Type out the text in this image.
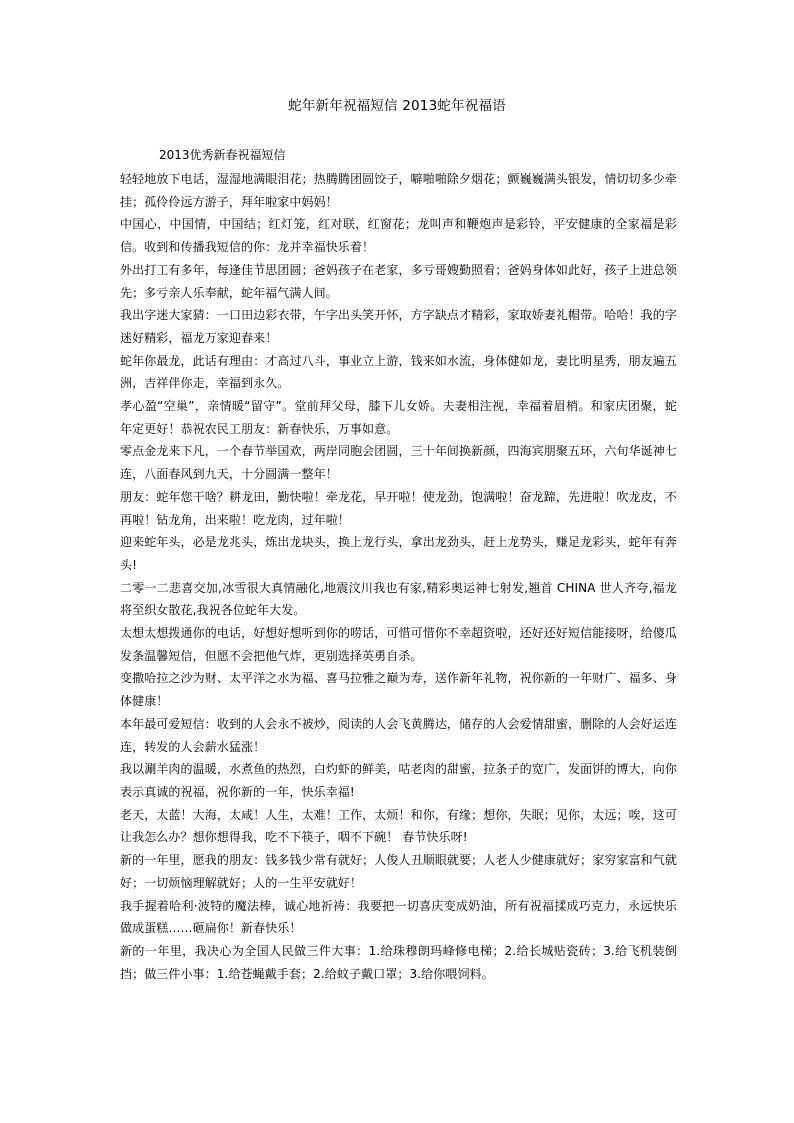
蛇年新年祝福短信 2013蛇年祝福语
2013优秀新春祝福短信

轻轻地放下电话，湿湿地满眼泪花；热腾腾团圆饺子，噼啪啪除夕烟花；颤巍巍满头银发，情切切多少牵挂；孤伶伶远方游子，拜年啦家中妈妈！

中国心，中国情，中国结；红灯笼，红对联，红窗花；龙叫声和鞭炮声是彩铃，平安健康的全家福是彩信。收到和传播我短信的你：龙并幸福快乐着！

外出打工有多年，每逢佳节思团圆；爸妈孩子在老家，多亏哥嫂勤照看；爸妈身体如此好，孩子上进总领先；多亏亲人乐奉献，蛇年福气满人间。

我出字迷大家猜：一口田边彩衣带，午字出头笑开怀，方字缺点才精彩，家取娇妻礼帽带。哈哈！我的字迷好精彩，福龙万家迎春来！

蛇年你最龙，此话有理由：才高过八斗，事业立上游，钱来如水流，身体健如龙，妻比明星秀，朋友遍五洲，吉祥伴你走，幸福到永久。

孝心盈“空巢”，亲情暖“留守”。堂前拜父母，膝下儿女娇。夫妻相注视，幸福着眉梢。和家庆团聚，蛇年定更好！恭祝农民工朋友：新春快乐，万事如意。

零点金龙来下凡，一个春节举国欢，两岸同胞会团圆，三十年间换新颜，四海宾朋聚五环，六旬华诞神七连，八面春风到九天，十分圆满一整年！

朋友：蛇年您干啥？耕龙田，勤快啦！牵龙花，早开啦！使龙劲，饱满啦！奋龙蹄，先进啦！吹龙皮，不再啦！钻龙角，出来啦！吃龙肉，过年啦！

迎来蛇年头，必是龙兆头，炼出龙块头，换上龙行头，拿出龙劲头，赶上龙势头，赚足龙彩头，蛇年有奔头!

二零一二悲喜交加,冰雪很大真情融化,地震汶川我也有家,精彩奥运神七射发,翘首 CHINA 世人齐夸,福龙将至织女散花,我祝各位蛇年大发。

太想太想拨通你的电话，好想好想听到你的唠话，可惜可惜你不幸超资啦，还好还好短信能接呀，给傻瓜发条温馨短信，但愿不会把他气炸，更别选择英勇自杀。

变撒哈拉之沙为财、太平洋之水为福、喜马拉雅之巅为寿，送作新年礼物，祝你新的一年财广、福多、身体健康！

本年最可爱短信：收到的人会永不被炒，阅读的人会飞黄腾达，储存的人会爱情甜蜜，删除的人会好运连连，转发的人会薪水猛涨！

我以涮羊肉的温暖，水煮鱼的热烈，白灼虾的鲜美，咕老肉的甜蜜，拉条子的宽广，发面饼的博大，向你表示真诚的祝福，祝你新的一年，快乐幸福!

老天，太蓝！大海，太咸！人生，太难！工作，太烦！和你，有缘；想你，失眠；见你，太远；唉，这可让我怎么办？想你想得我，吃不下筷子，咽不下碗！ 春节快乐呀!

新的一年里，愿我的朋友：钱多钱少常有就好；人俊人丑顺眼就要；人老人少健康就好；家穷家富和气就好；一切烦恼理解就好；人的一生平安就好！

我手握着哈利·波特的魔法棒，诚心地祈祷：我要把一切喜庆变成奶油，所有祝福揉成巧克力，永远快乐做成蛋糕……砸扁你！新春快乐！

新的一年里，我决心为全国人民做三件大事：1.给珠穆朗玛峰修电梯；2.给长城贴瓷砖；3.给飞机装倒挡；做三件小事：1.给苍蝇戴手套；2.给蚊子戴口罩；3.给你喂饲料。
